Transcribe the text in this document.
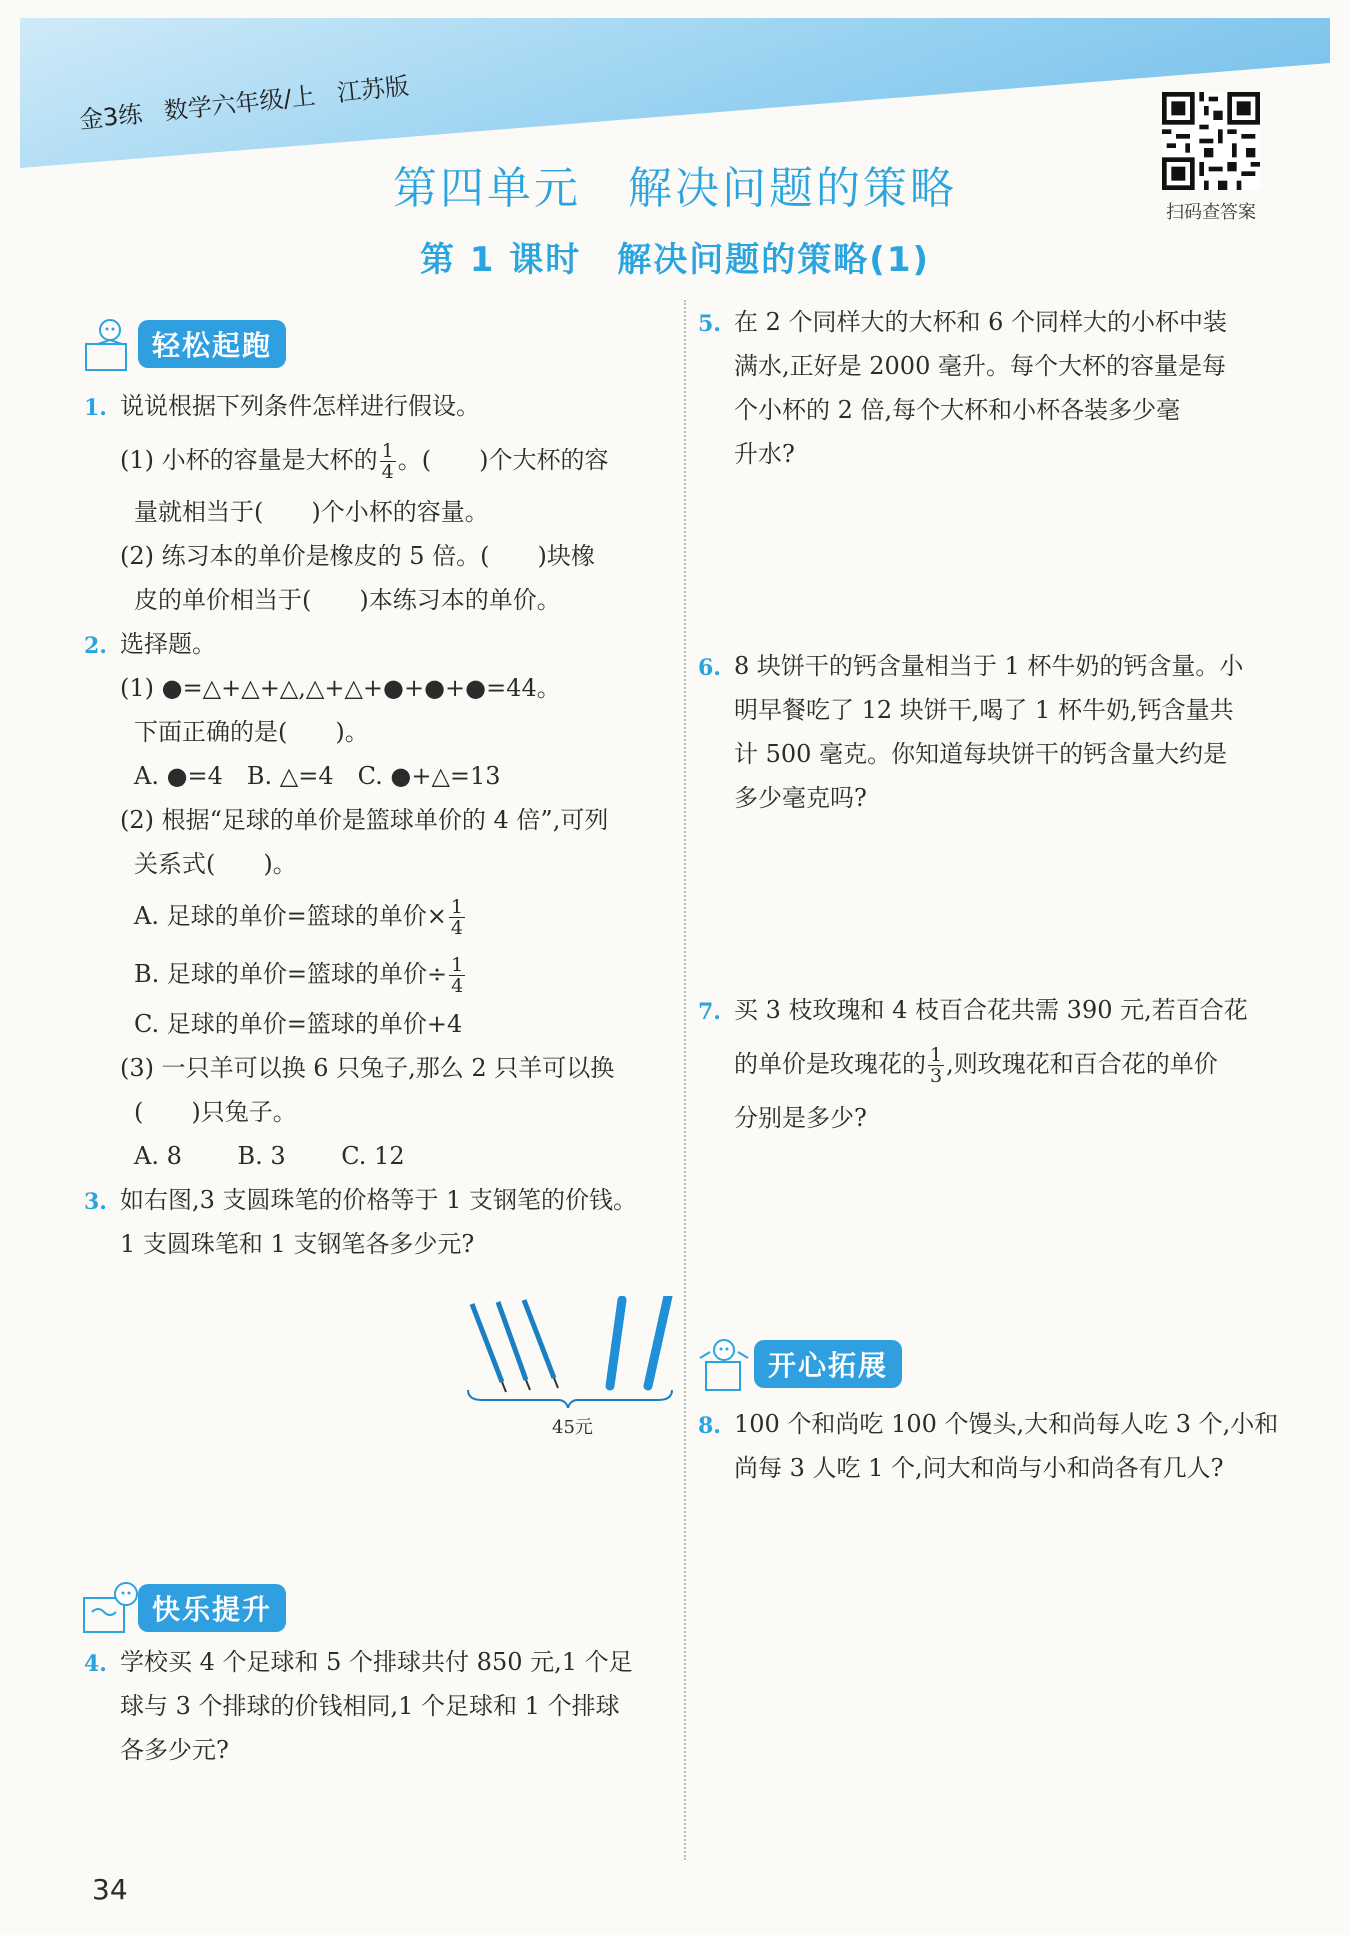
金3练 数学六年级/上 江苏版
第四单元　解决问题的策略
第 1 课时　解决问题的策略(1)
扫码查答案
轻松起跑

1. 说说根据下列条件怎样进行假设。

(1) 小杯的容量是大杯的 $\frac{1}{4}$ 。(　　)个大杯的容

量就相当于(　　)个小杯的容量。

(2) 练习本的单价是橡皮的 5 倍。(　　)块橡

皮的单价相当于(　　)本练习本的单价。

2. 选择题。

(1) ●=△+△+△,△+△+●+●+●=44。

下面正确的是(　　)。

A. ●=4　B. △=4　C. ●+△=13

(2) 根据“足球的单价是篮球单价的 4 倍”,可列

关系式(　　)。

A. 足球的单价=篮球的单价× $\frac{1}{4}$

B. 足球的单价=篮球的单价÷ $\frac{1}{4}$

C. 足球的单价=篮球的单价+4

(3) 一只羊可以换 6 只兔子,那么 2 只羊可以换

(　　)只兔子。

A. 8　　 B. 3　　 C. 12

3. 如右图,3 支圆珠笔的价格等于 1 支钢笔的价钱。

1 支圆珠笔和 1 支钢笔各多少元?

45元
快乐提升

4. 学校买 4 个足球和 5 个排球共付 850 元,1 个足

球与 3 个排球的价钱相同,1 个足球和 1 个排球

各多少元?

5. 在 2 个同样大的大杯和 6 个同样大的小杯中装

满水,正好是 2000 毫升。每个大杯的容量是每

个小杯的 2 倍,每个大杯和小杯各装多少毫

升水?

6. 8 块饼干的钙含量相当于 1 杯牛奶的钙含量。小

明早餐吃了 12 块饼干,喝了 1 杯牛奶,钙含量共

计 500 毫克。你知道每块饼干的钙含量大约是

多少毫克吗?

7. 买 3 枝玫瑰和 4 枝百合花共需 390 元,若百合花

的单价是玫瑰花的 $\frac{1}{3}$ ,则玫瑰花和百合花的单价

分别是多少?

开心拓展

8. 100 个和尚吃 100 个馒头,大和尚每人吃 3 个,小和

尚每 3 人吃 1 个,问大和尚与小和尚各有几人?

34
